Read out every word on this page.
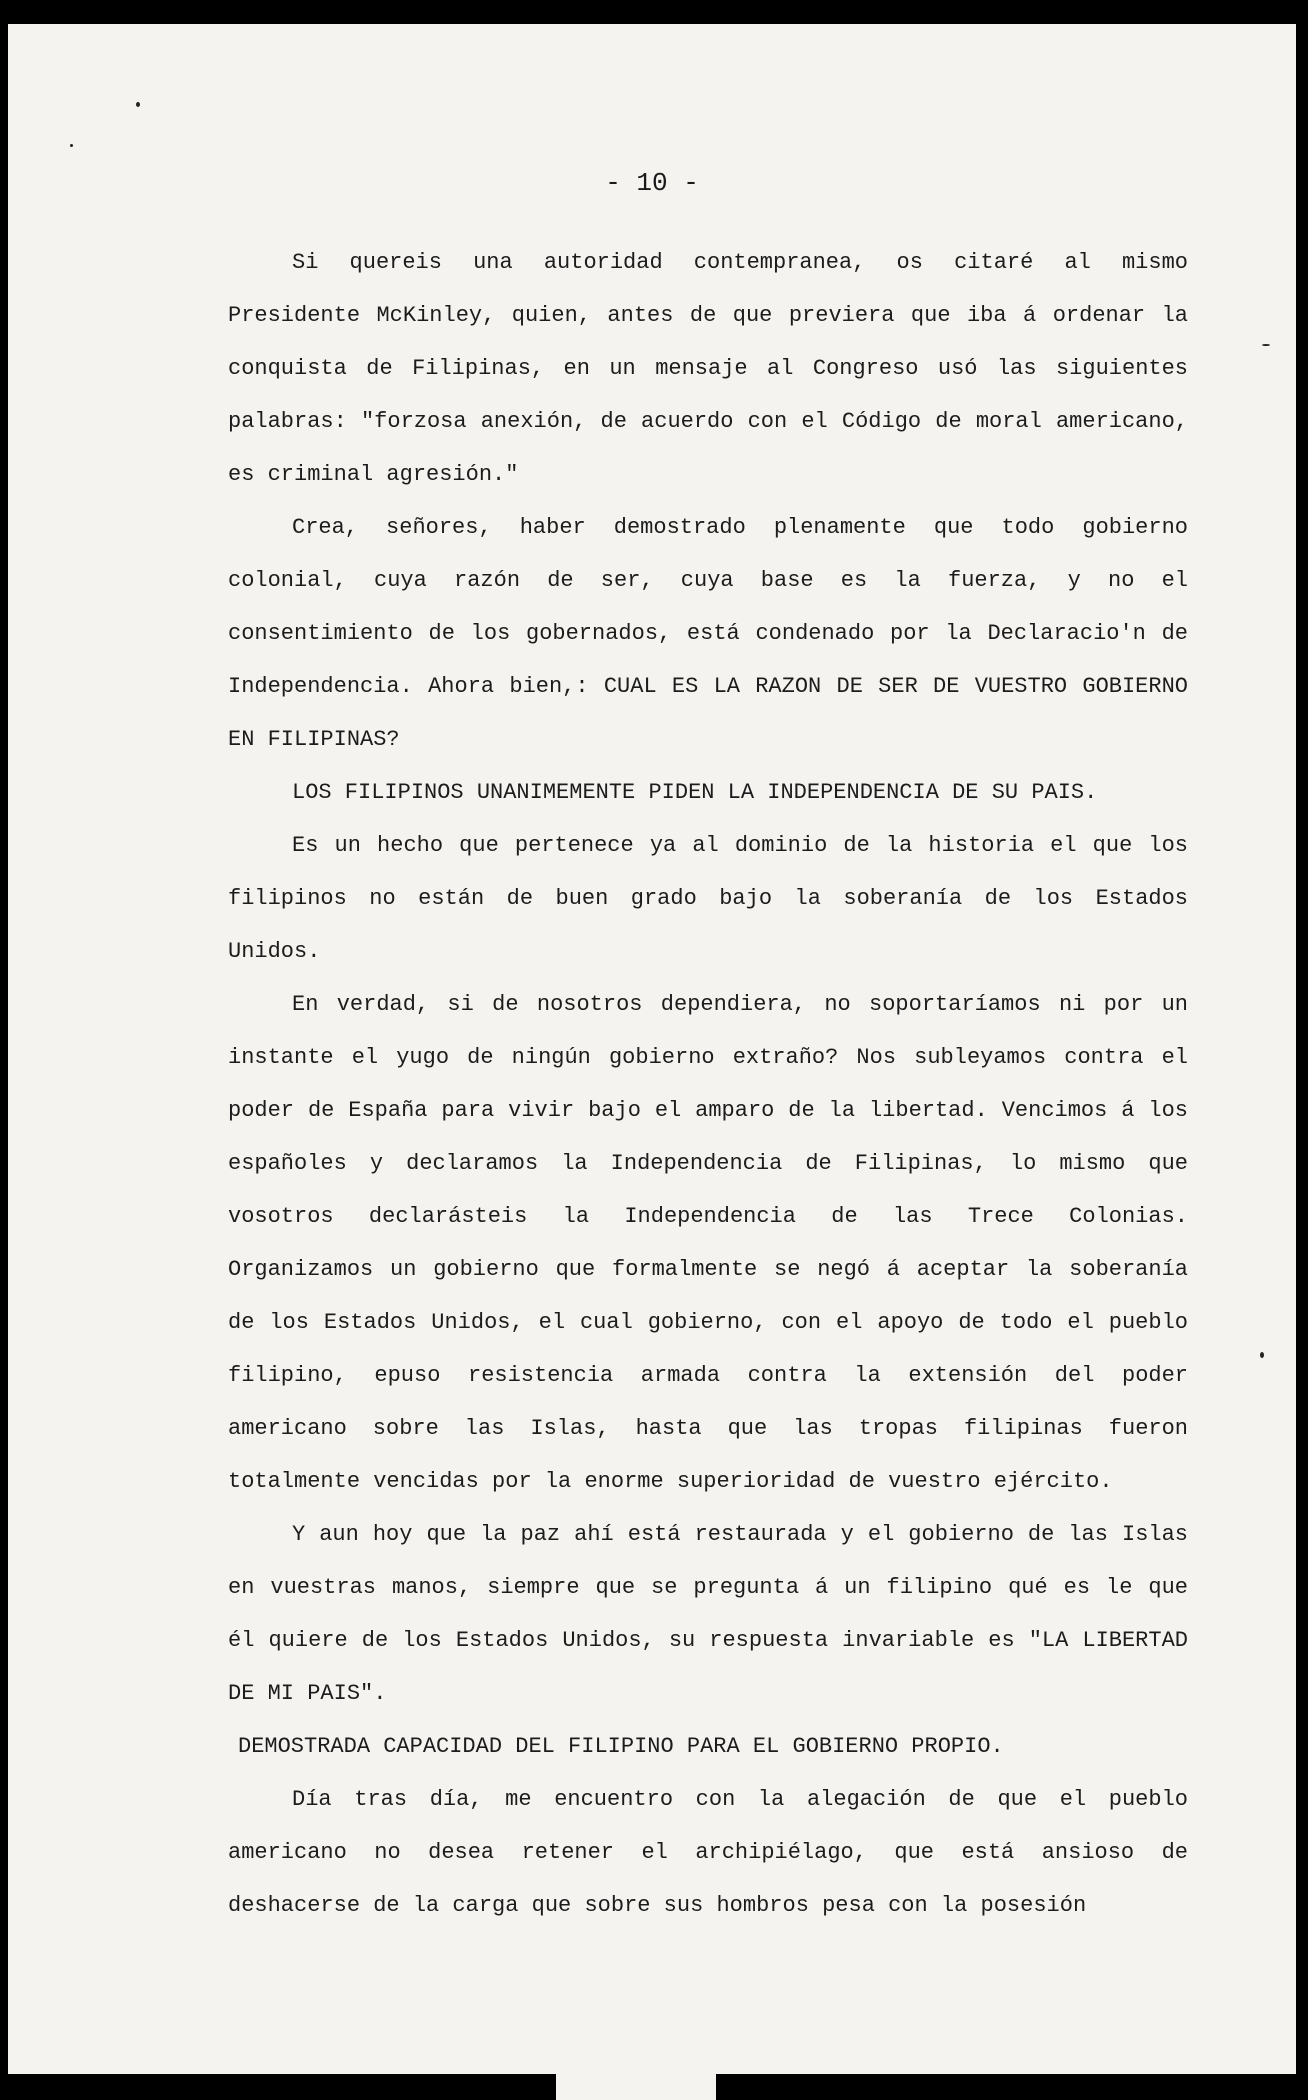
- 10 -

Si quereis una autoridad contempranea, os citaré al mismo Presidente McKinley, quien, antes de que previera que iba á ordenar la conquista de Filipinas, en un mensaje al Congreso usó las siguientes palabras: "forzosa anexión, de acuerdo con el Código de moral americano, es criminal agresión."

Crea, señores, haber demostrado plenamente que todo gobierno colonial, cuya razón de ser, cuya base es la fuerza, y no el consentimiento de los gobernados, está condenado por la Declaracio'n de Independencia. Ahora bien,: CUAL ES LA RAZON DE SER DE VUESTRO GOBIERNO EN FILIPINAS?

LOS FILIPINOS UNANIMEMENTE PIDEN LA INDEPENDENCIA DE SU PAIS.

Es un hecho que pertenece ya al dominio de la historia el que los filipinos no están de buen grado bajo la soberanía de los Estados Unidos.

En verdad, si de nosotros dependiera, no soportaríamos ni por un instante el yugo de ningún gobierno extraño? Nos subleyamos contra el poder de España para vivir bajo el amparo de la libertad. Vencimos á los españoles y declaramos la Independencia de Filipinas, lo mismo que vosotros declarásteis la Independencia de las Trece Colonias. Organizamos un gobierno que formalmente se negó á aceptar la soberanía de los Estados Unidos, el cual gobierno, con el apoyo de todo el pueblo filipino, epuso resistencia armada contra la extensión del poder americano sobre las Islas, hasta que las tropas filipinas fueron totalmente vencidas por la enorme superioridad de vuestro ejército.

Y aun hoy que la paz ahí está restaurada y el gobierno de las Islas en vuestras manos, siempre que se pregunta á un filipino qué es le que él quiere de los Estados Unidos, su respuesta invariable es "LA LIBERTAD DE MI PAIS".

DEMOSTRADA CAPACIDAD DEL FILIPINO PARA EL GOBIERNO PROPIO.

Día tras día, me encuentro con la alegación de que el pueblo americano no desea retener el archipiélago, que está ansioso de deshacerse de la carga que sobre sus hombros pesa con la posesión
